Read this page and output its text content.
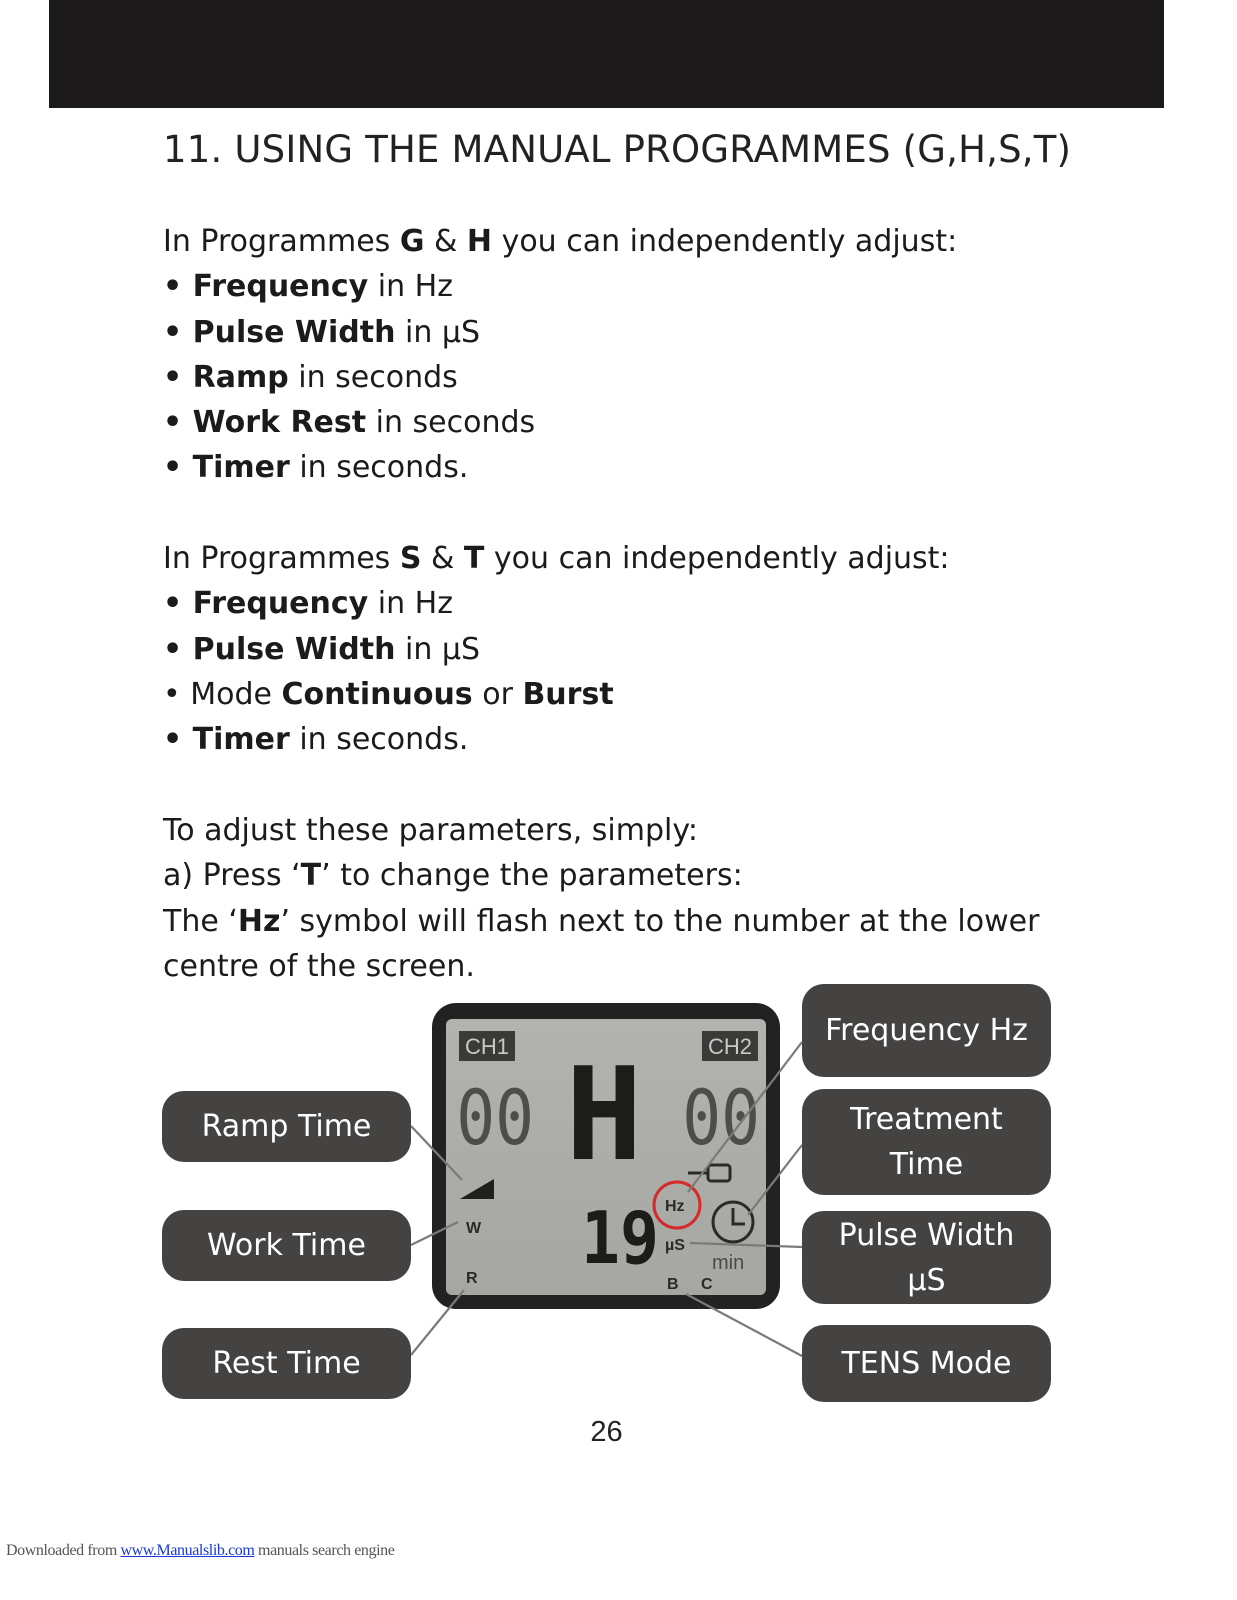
11. USING THE MANUAL PROGRAMMES (G,H,S,T)

In Programmes G & H you can independently adjust:

• Frequency in Hz

• Pulse Width in µS

• Ramp in seconds

• Work Rest in seconds

• Timer in seconds.

In Programmes S & T you can independently adjust:

• Frequency in Hz

• Pulse Width in µS

• Mode Continuous or Burst

• Timer in seconds.

To adjust these parameters, simply:

a) Press ‘T’ to change the parameters:

The ‘Hz’ symbol will flash next to the number at the lower

centre of the screen.

CH1	CH2
00 H 00
W
R 19 Hz
µS
min
B C
Ramp Time
Work Time
Rest Time
Frequency Hz
Treatment
Time
Pulse Width
µS
TENS Mode
26
Downloaded from www.Manualslib.com manuals search engine
